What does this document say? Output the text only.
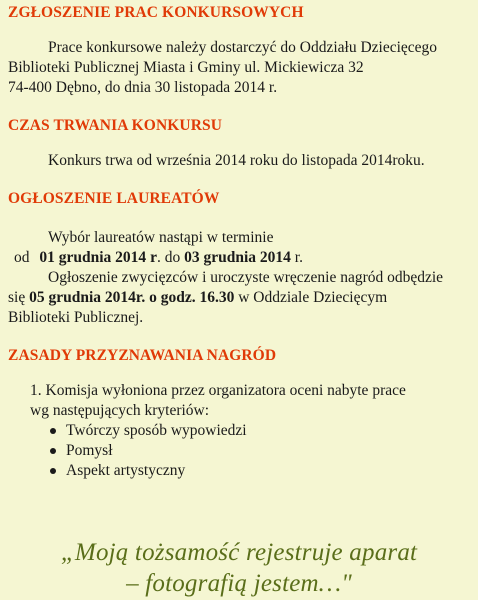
ZGŁOSZENIE PRAC KONKURSOWYCH
Prace konkursowe należy dostarczyć do Oddziału Dziecięcego
Biblioteki Publicznej Miasta i Gminy ul. Mickiewicza 32
74-400 Dębno, do dnia 30 listopada 2014 r.
CZAS TRWANIA KONKURSU
Konkurs trwa od września 2014 roku do listopada 2014roku.
OGŁOSZENIE LAUREATÓW
Wybór laureatów nastąpi w terminie
od 01 grudnia 2014 r. do 03 grudnia 2014 r.
Ogłoszenie zwycięzców i uroczyste wręczenie nagród odbędzie
się 05 grudnia 2014r. o godz. 16.30 w Oddziale Dziecięcym
Biblioteki Publicznej.
ZASADY PRZYZNAWANIA NAGRÓD
1. Komisja wyłoniona przez organizatora oceni nabyte prace
wg następujących kryteriów:
Twórczy sposób wypowiedzi
Pomysł
Aspekt artystyczny
„Moją tożsamość rejestruje aparat
– fotografią jestem…"
